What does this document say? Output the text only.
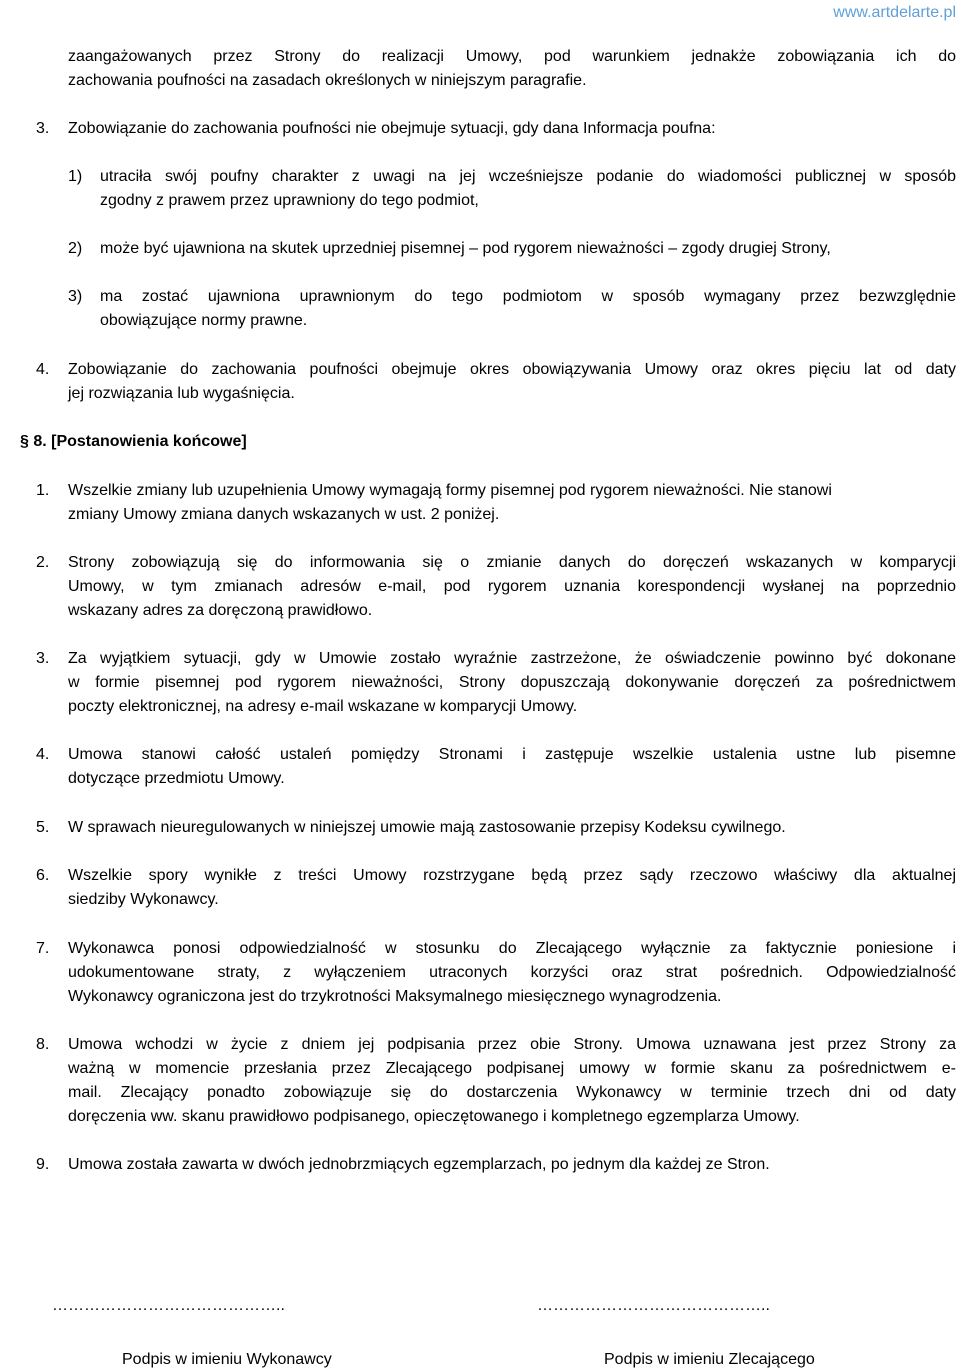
www.artdelarte.pl
zaangażowanych przez Strony do realizacji Umowy, pod warunkiem jednakże zobowiązania ich do
zachowania poufności na zasadach określonych w niniejszym paragrafie.
3. Zobowiązanie do zachowania poufności nie obejmuje sytuacji, gdy dana Informacja poufna:
1) utraciła swój poufny charakter z uwagi na jej wcześniejsze podanie do wiadomości publicznej w sposób
zgodny z prawem przez uprawniony do tego podmiot,
2) może być ujawniona na skutek uprzedniej pisemnej – pod rygorem nieważności – zgody drugiej Strony,
3) ma zostać ujawniona uprawnionym do tego podmiotom w sposób wymagany przez bezwzględnie
obowiązujące normy prawne.
4. Zobowiązanie do zachowania poufności obejmuje okres obowiązywania Umowy oraz okres pięciu lat od daty
jej rozwiązania lub wygaśnięcia.
§ 8. [Postanowienia końcowe]
1. Wszelkie zmiany lub uzupełnienia Umowy wymagają formy pisemnej pod rygorem nieważności. Nie stanowi
zmiany Umowy zmiana danych wskazanych w ust. 2 poniżej.
2. Strony zobowiązują się do informowania się o zmianie danych do doręczeń wskazanych w komparycji
Umowy, w tym zmianach adresów e-mail, pod rygorem uznania korespondencji wysłanej na poprzednio
wskazany adres za doręczoną prawidłowo.
3. Za wyjątkiem sytuacji, gdy w Umowie zostało wyraźnie zastrzeżone, że oświadczenie powinno być dokonane
w formie pisemnej pod rygorem nieważności, Strony dopuszczają dokonywanie doręczeń za pośrednictwem
poczty elektronicznej, na adresy e-mail wskazane w komparycji Umowy.
4. Umowa stanowi całość ustaleń pomiędzy Stronami i zastępuje wszelkie ustalenia ustne lub pisemne
dotyczące przedmiotu Umowy.
5. W sprawach nieuregulowanych w niniejszej umowie mają zastosowanie przepisy Kodeksu cywilnego.
6. Wszelkie spory wynikłe z treści Umowy rozstrzygane będą przez sądy rzeczowo właściwy dla aktualnej
siedziby Wykonawcy.
7. Wykonawca ponosi odpowiedzialność w stosunku do Zlecającego wyłącznie za faktycznie poniesione i
udokumentowane straty, z wyłączeniem utraconych korzyści oraz strat pośrednich. Odpowiedzialność
Wykonawcy ograniczona jest do trzykrotności Maksymalnego miesięcznego wynagrodzenia.
8. Umowa wchodzi w życie z dniem jej podpisania przez obie Strony. Umowa uznawana jest przez Strony za
ważną w momencie przesłania przez Zlecającego podpisanej umowy w formie skanu za pośrednictwem e-
mail. Zlecający ponadto zobowiązuje się do dostarczenia Wykonawcy w terminie trzech dni od daty
doręczenia ww. skanu prawidłowo podpisanego, opieczętowanego i kompletnego egzemplarza Umowy.
9. Umowa została zawarta w dwóch jednobrzmiących egzemplarzach, po jednym dla każdej ze Stron.
……………………………………..	……………………………………..
Podpis w imieniu Wykonawcy	Podpis w imieniu Zlecającego
